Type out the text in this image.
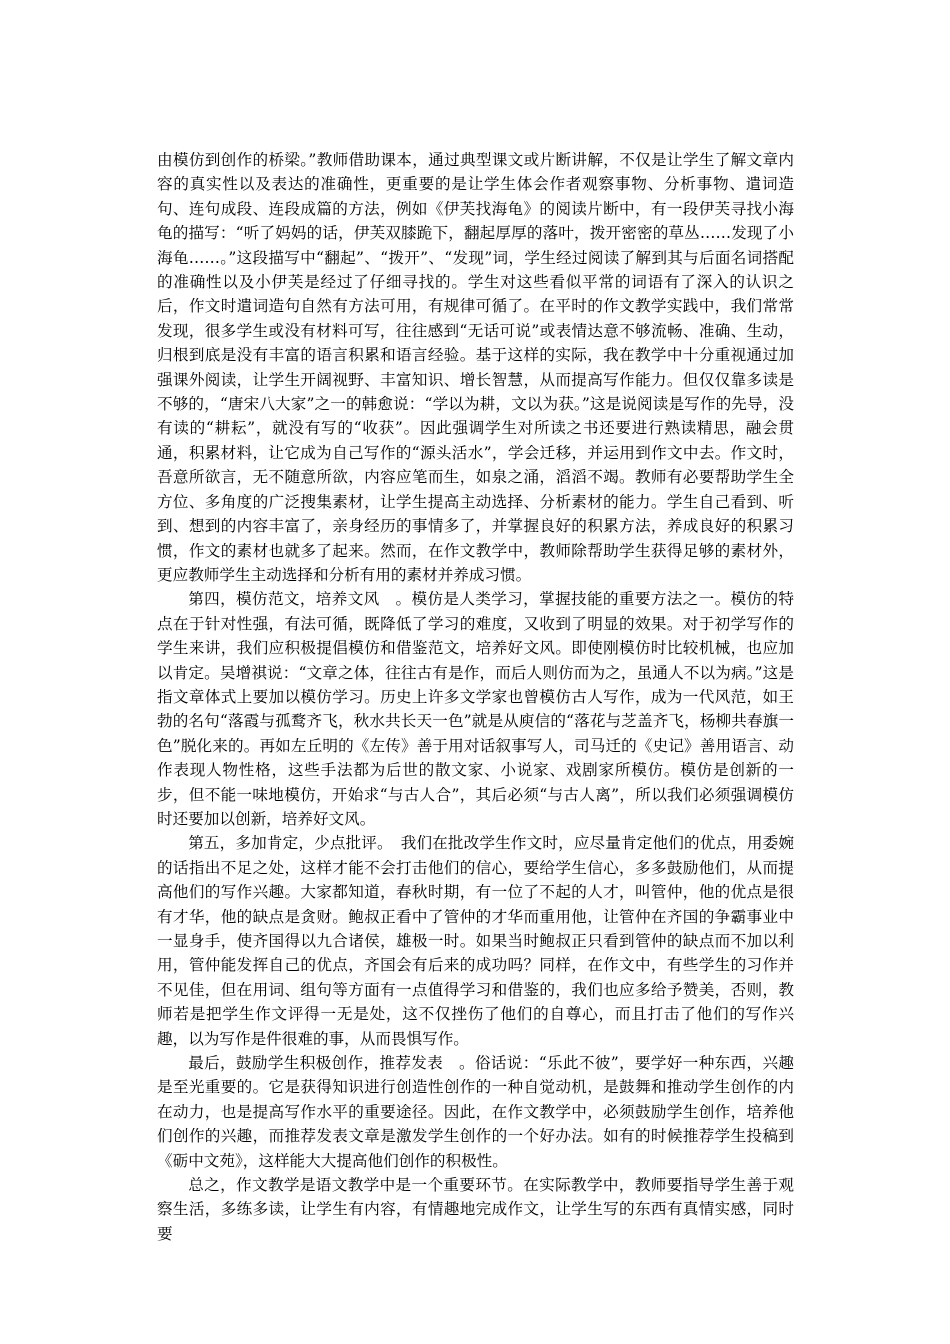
由模仿到创作的桥梁。”教师借助课本，通过典型课文或片断讲解，不仅是让学生了解文章内容的真实性以及表达的准确性，更重要的是让学生体会作者观察事物、分析事物、遣词造句、连句成段、连段成篇的方法，例如《伊芙找海龟》的阅读片断中，有一段伊芙寻找小海龟的描写：“听了妈妈的话，伊芙双膝跪下，翻起厚厚的落叶，拨开密密的草丛……发现了小海龟……。”这段描写中“翻起”、“拨开”、“发现”词，学生经过阅读了解到其与后面名词搭配的准确性以及小伊芙是经过了仔细寻找的。学生对这些看似平常的词语有了深入的认识之后，作文时遣词造句自然有方法可用，有规律可循了。在平时的作文教学实践中，我们常常发现，很多学生或没有材料可写，往往感到“无话可说”或表情达意不够流畅、准确、生动，归根到底是没有丰富的语言积累和语言经验。基于这样的实际，我在教学中十分重视通过加强课外阅读，让学生开阔视野、丰富知识、增长智慧，从而提高写作能力。但仅仅靠多读是不够的，“唐宋八大家”之一的韩愈说：“学以为耕，文以为获。”这是说阅读是写作的先导，没有读的“耕耘”，就没有写的“收获”。因此强调学生对所读之书还要进行熟读精思，融会贯通，积累材料，让它成为自己写作的“源头活水”，学会迁移，并运用到作文中去。作文时，吾意所欲言，无不随意所欲，内容应笔而生，如泉之涌，滔滔不竭。教师有必要帮助学生全方位、多角度的广泛搜集素材，让学生提高主动选择、分析素材的能力。学生自己看到、听到、想到的内容丰富了，亲身经历的事情多了，并掌握良好的积累方法，养成良好的积累习惯，作文的素材也就多了起来。然而，在作文教学中，教师除帮助学生获得足够的素材外，更应教师学生主动选择和分析有用的素材并养成习惯。

第四，模仿范文，培养文风　。模仿是人类学习，掌握技能的重要方法之一。模仿的特点在于针对性强，有法可循，既降低了学习的难度，又收到了明显的效果。对于初学写作的学生来讲，我们应积极提倡模仿和借鉴范文，培养好文风。即使刚模仿时比较机械，也应加以肯定。吴增祺说：“文章之体，往往古有是作，而后人则仿而为之，虽通人不以为病。”这是指文章体式上要加以模仿学习。历史上许多文学家也曾模仿古人写作，成为一代风范，如王勃的名句“落霞与孤鹜齐飞，秋水共长天一色”就是从庾信的“落花与芝盖齐飞，杨柳共春旗一色”脱化来的。再如左丘明的《左传》善于用对话叙事写人，司马迁的《史记》善用语言、动作表现人物性格，这些手法都为后世的散文家、小说家、戏剧家所模仿。模仿是创新的一步，但不能一味地模仿，开始求“与古人合”，其后必须“与古人离”，所以我们必须强调模仿时还要加以创新，培养好文风。

第五，多加肯定，少点批评。　我们在批改学生作文时，应尽量肯定他们的优点，用委婉的话指出不足之处，这样才能不会打击他们的信心，要给学生信心，多多鼓励他们，从而提高他们的写作兴趣。大家都知道，春秋时期，有一位了不起的人才，叫管仲，他的优点是很有才华，他的缺点是贪财。鲍叔正看中了管仲的才华而重用他，让管仲在齐国的争霸事业中一显身手，使齐国得以九合诸侯，雄极一时。如果当时鲍叔正只看到管仲的缺点而不加以利用，管仲能发挥自己的优点，齐国会有后来的成功吗？同样，在作文中，有些学生的习作并不见佳，但在用词、组句等方面有一点值得学习和借鉴的，我们也应多给予赞美，否则，教师若是把学生作文评得一无是处，这不仅挫伤了他们的自尊心，而且打击了他们的写作兴趣，以为写作是件很难的事，从而畏惧写作。

最后，鼓励学生积极创作，推荐发表　。俗话说：“乐此不彼”，要学好一种东西，兴趣是至光重要的。它是获得知识进行创造性创作的一种自觉动机，是鼓舞和推动学生创作的内在动力，也是提高写作水平的重要途径。因此，在作文教学中，必须鼓励学生创作，培养他们创作的兴趣，而推荐发表文章是激发学生创作的一个好办法。如有的时候推荐学生投稿到《砺中文苑》，这样能大大提高他们创作的积极性。

总之，作文教学是语文教学中是一个重要环节。在实际教学中，教师要指导学生善于观察生活，多练多读，让学生有内容，有情趣地完成作文，让学生写的东西有真情实感，同时要
